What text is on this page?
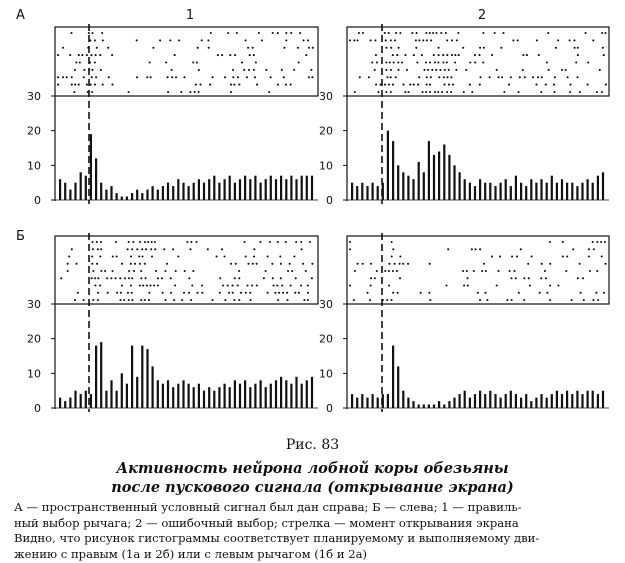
А
Б
1	2
0
10
20
30
0
10
20
30
0
10
20
30
0
10
20
30
Рис. 83
Активность нейрона лобной коры обезьяны
после пускового сигнала (открывание экрана)
А — пространственный условный сигнал был дан справа; Б — слева; 1 — правиль-
ный выбор рычага; 2 — ошибочный выбор; стрелка — момент открывания экрана
Видно, что рисунок гистограммы соответствует планируемому и выполняемому дви-
жению с правым (1а и 2б) или с левым рычагом (1б и 2а)
